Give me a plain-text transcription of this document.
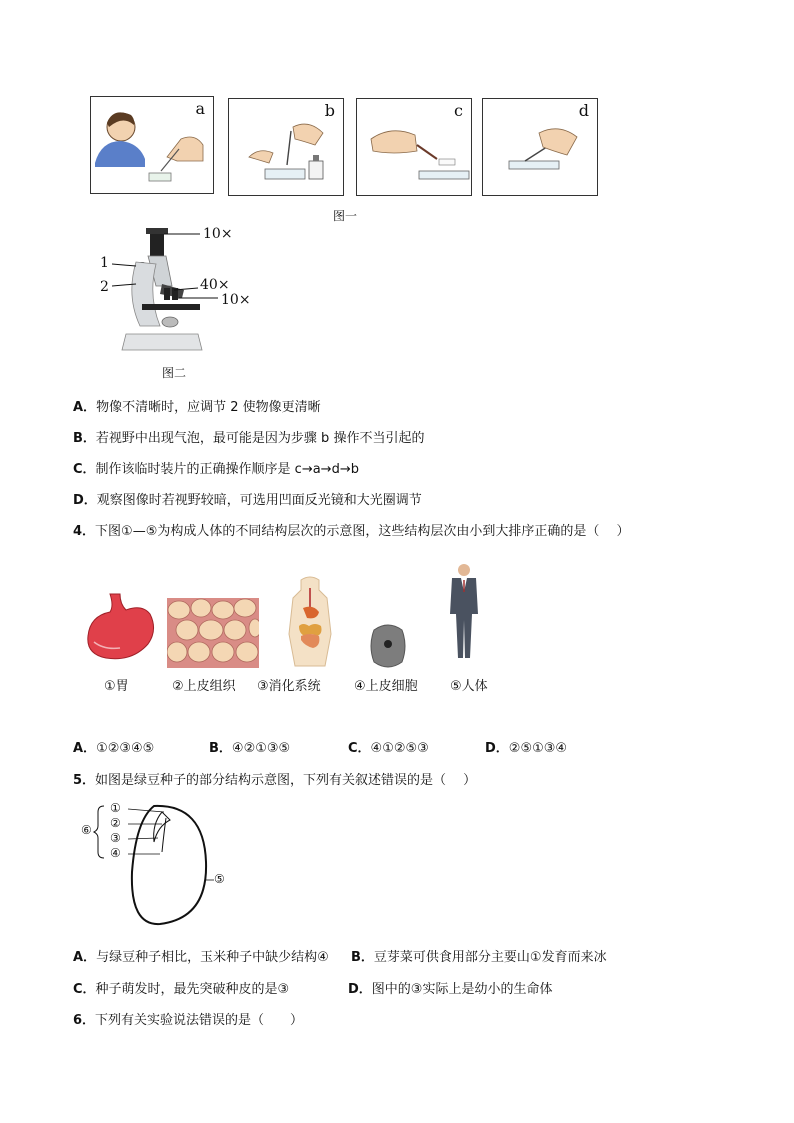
a	b	c	d
图一
10×
1
2	40×
10×
图二
A．物像不清晰时，应调节 2 使物像更清晰
B．若视野中出现气泡，最可能是因为步骤 b 操作不当引起的
C．制作该临时装片的正确操作顺序是 c→a→d→b
D．观察图像时若视野较暗，可选用凹面反光镜和大光圈调节
4．下图①—⑤为构成人体的不同结构层次的示意图，这些结构层次由小到大排序正确的是（　 ）
①胃	②上皮组织 ③消化系统	④上皮细胞 ⑤人体
A．①②③④⑤	B．④②①③⑤	C．④①②⑤③	D．②⑤①③④
5．如图是绿豆种子的部分结构示意图，下列有关叙述错误的是（　 ）
①
②
③
④
⑤
⑥
A．与绿豆种子相比，玉米种子中缺少结构④ B．豆芽菜可供食用部分主要山①发育而来冰
C．种子萌发时，最先突破种皮的是③	D．图中的③实际上是幼小的生命体
6．下列有关实验说法错误的是（　　）
